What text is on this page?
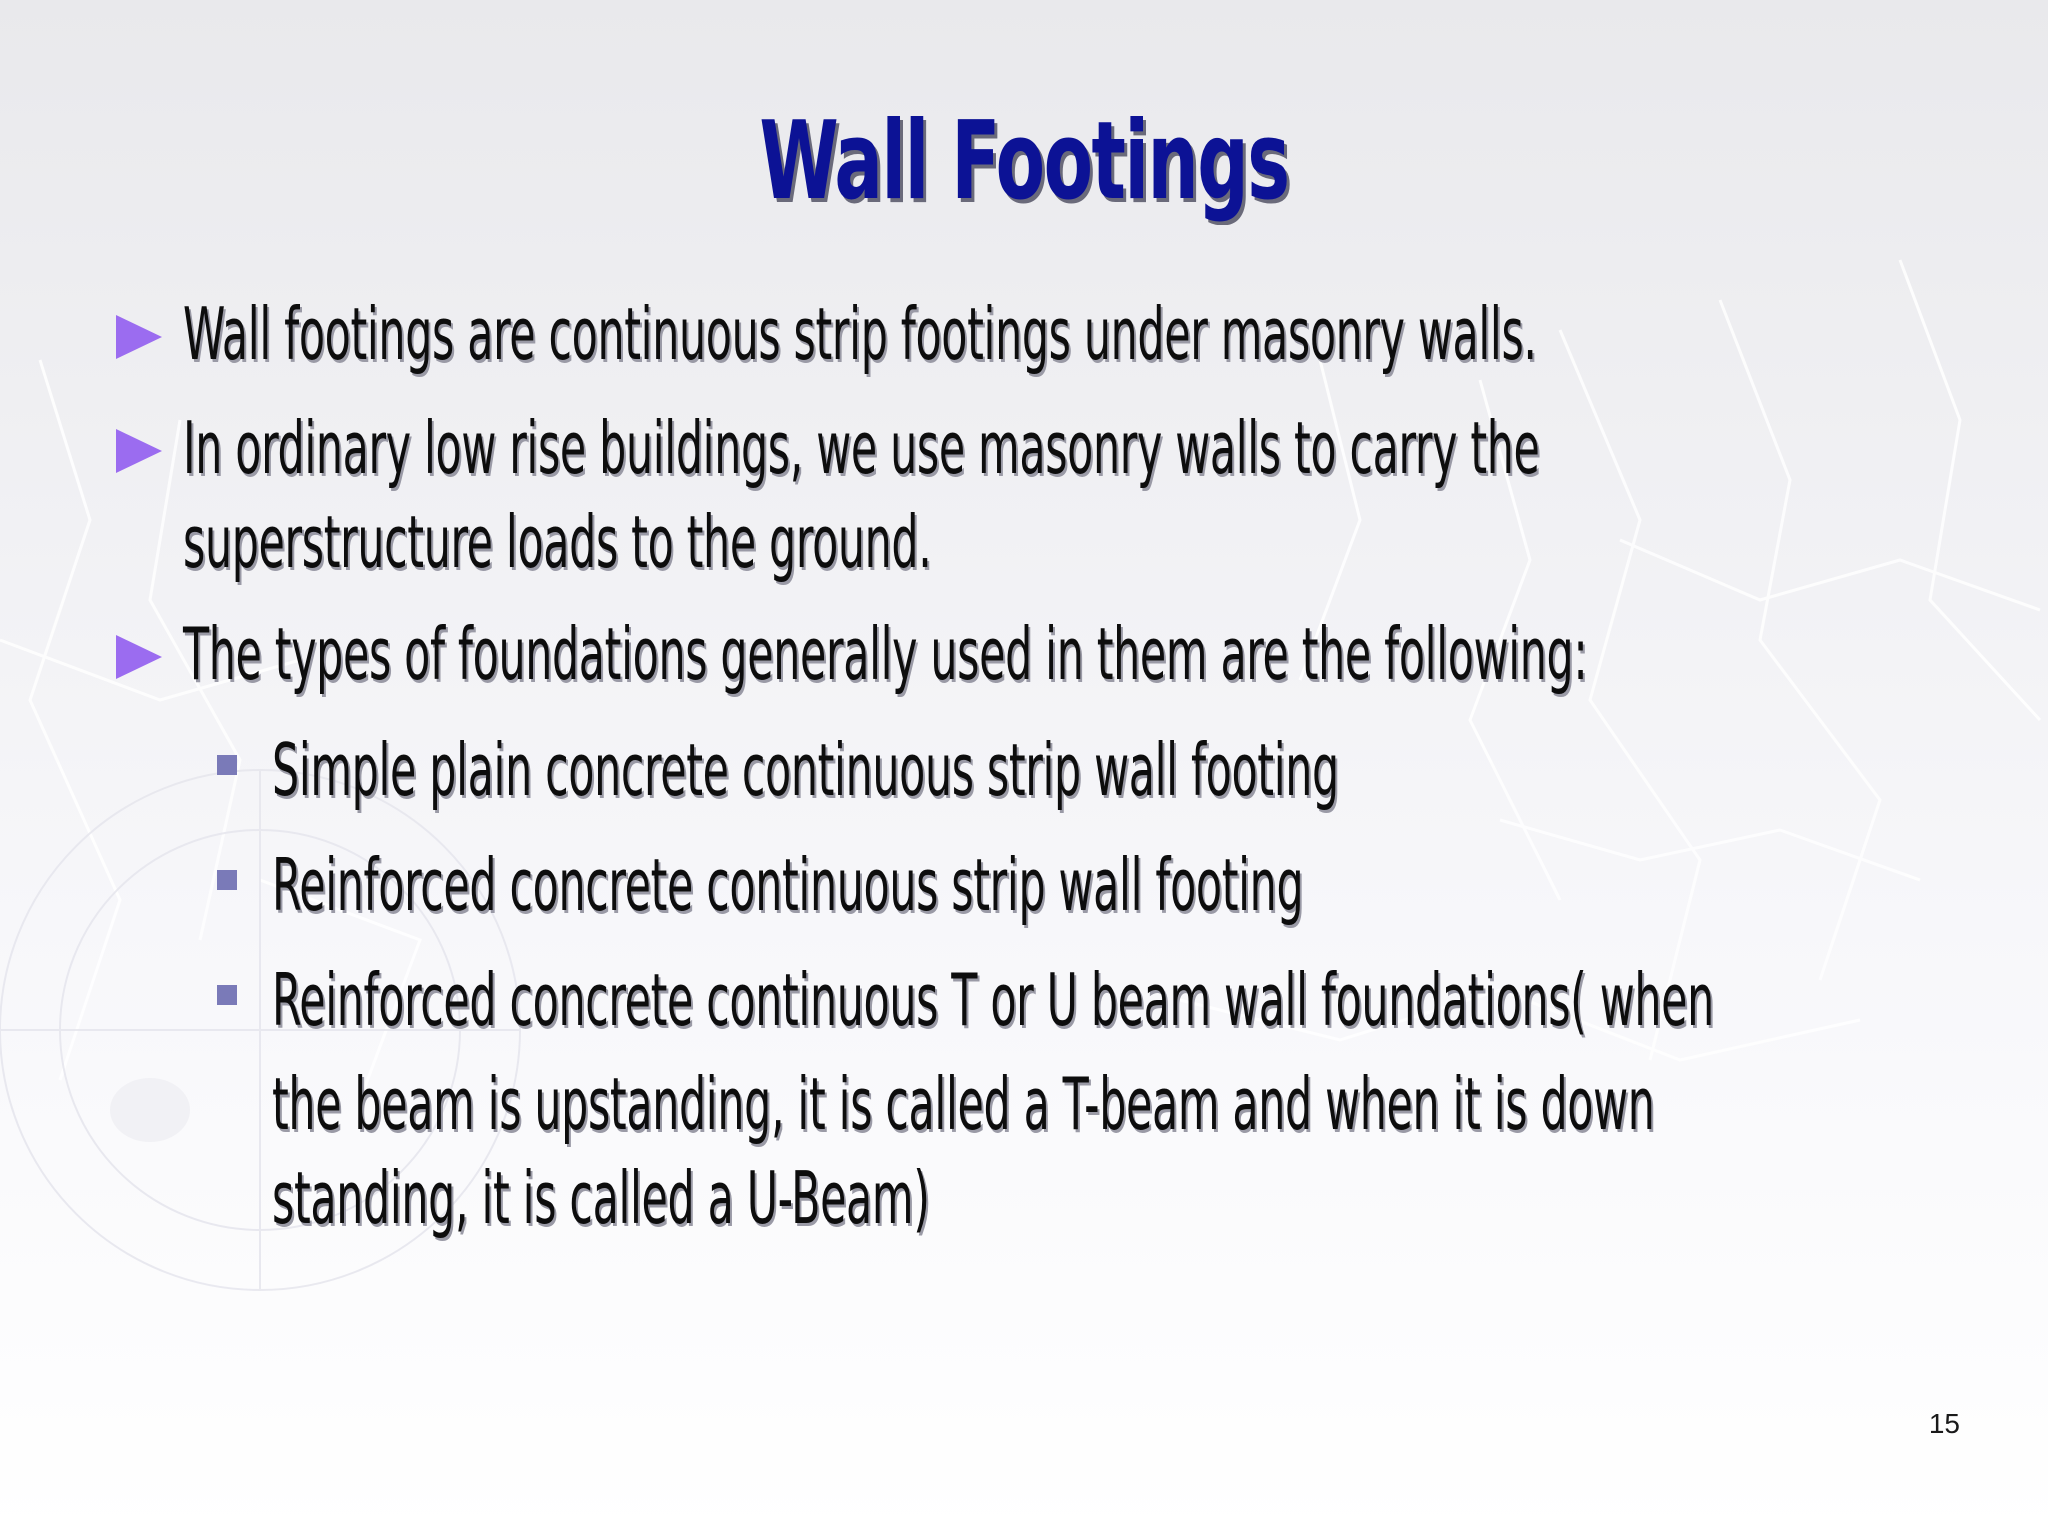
Wall Footings

Wall footings are continuous strip footings under masonry walls.

In ordinary low rise buildings, we use masonry walls to carry the

superstructure loads to the ground.

The types of foundations generally used in them are the following:

Simple plain concrete continuous strip wall footing

Reinforced concrete continuous strip wall footing

Reinforced concrete continuous T or U beam wall foundations( when

the beam is upstanding, it is called a T-beam and when it is down

standing, it is called a U-Beam)

15
